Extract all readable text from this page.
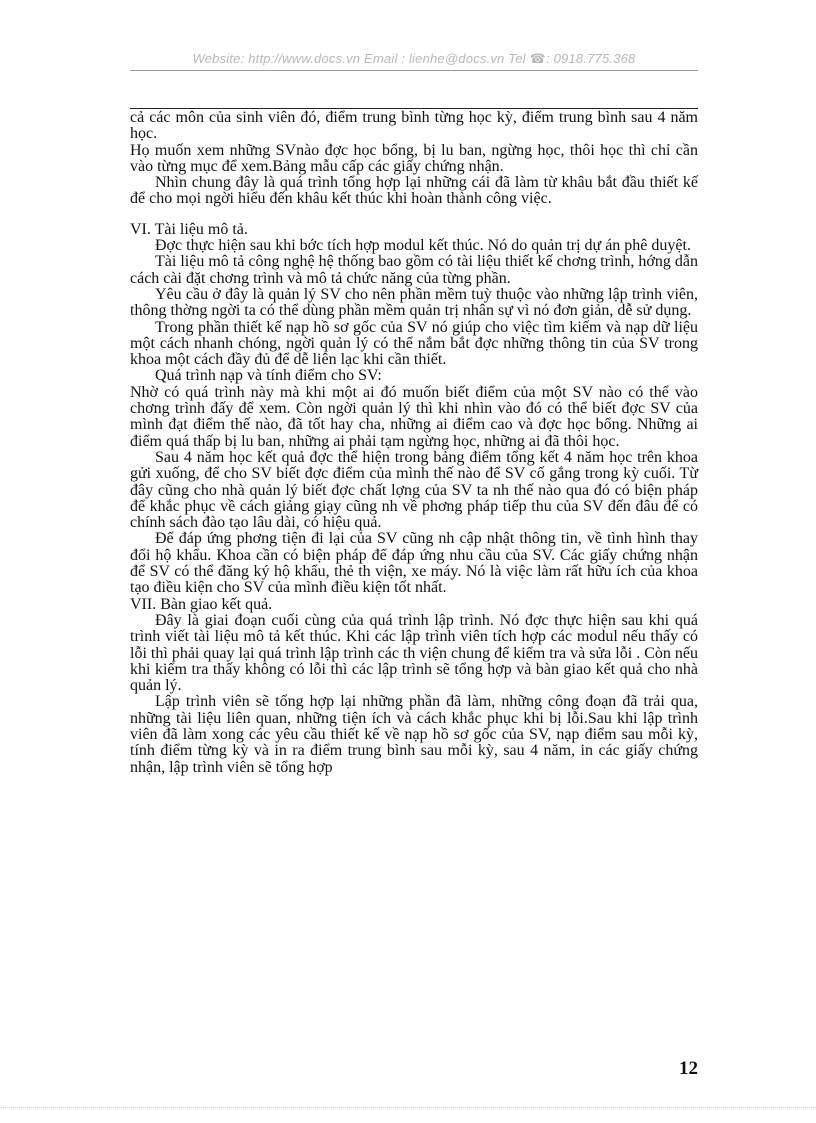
Website: http://www.docs.vn Email : lienhe@docs.vn Tel ☎: 0918.775.368

cả các môn của sinh viên đó, điểm trung bình từng học kỳ, điểm trung bình sau 4 năm học.

Họ muốn xem những SVnào đợc học bổng, bị lu ban, ngừng học, thôi học thì chỉ cần vào từng mục để xem.Bảng mẫu cấp các giấy chứng nhận.

Nhìn chung đây là quá trình tổng hợp lại những cái đã làm từ khâu bắt đầu thiết kế để cho mọi ngời hiểu đến khâu kết thúc khi hoàn thành công việc.

VI. Tài liệu mô tả.

Đợc thực hiện sau khi bớc tích hợp modul kết thúc. Nó do quản trị dự án phê duyệt.

Tài liệu mô tả công nghệ hệ thống bao gồm có tài liệu thiết kế chơng trình, hớng dẫn cách cài đặt chơng trình và mô tả chức năng của từng phần.

Yêu cầu ở đây là quản lý SV cho nên phần mềm tuỳ thuộc vào những lập trình viên, thông thờng ngời ta có thể dùng phần mềm quản trị nhân sự vì nó đơn giản, dễ sử dụng.

Trong phần thiết kế nạp hồ sơ gốc của SV nó giúp cho việc tìm kiếm và nạp dữ liệu một cách nhanh chóng, ngời quản lý có thể nắm bắt đợc những thông tin của SV trong khoa một cách đầy đủ để dễ liên lạc khi cần thiết.

Quá trình nạp và tính điểm cho SV:

Nhờ có quá trình này mà khi một ai đó muốn biết điểm của một SV nào có thể vào chơng trình đấy để xem. Còn ngời quản lý thì khi nhìn vào đó có thể biết đợc SV của mình đạt điểm thế nào, đã tốt hay cha, những ai điểm cao và đợc học bổng. Những ai điểm quá thấp bị lu ban, những ai phải tạm ngừng học, những ai đã thôi học.

Sau 4 năm học kết quả đợc thể hiện trong bảng điểm tổng kết 4 năm học trên khoa gửi xuống, để cho SV biết đợc điểm của mình thế nào để SV cố gắng trong kỳ cuối. Từ đây cũng cho nhà quản lý biết đợc chất lợng của SV ta nh thế nào qua đó có biện pháp để khắc phục về cách giảng giạy cũng nh về phơng pháp tiếp thu của SV đến đâu để có chính sách đào tạo lâu dài, có hiệu quả.

Để đáp ứng phơng tiện đi lại của SV cũng nh cập nhật thông tin, về tình hình thay đổi hộ khẩu. Khoa cần có biện pháp để đáp ứng nhu cầu của SV. Các giấy chứng nhận để SV có thể đăng ký hộ khẩu, thẻ th viện, xe máy. Nó là việc làm rất hữu ích của khoa tạo điều kiện cho SV của mình điều kiện tốt nhất.

VII. Bàn giao kết quả.

Đây là giai đoạn cuối cùng của quá trình lập trình. Nó đợc thực hiện sau khi quá trình viết tài liệu mô tả kết thúc. Khi các lập trình viên tích hợp các modul nếu thấy có lỗi thì phải quay lại quá trình lập trình các th viện chung để kiểm tra và sửa lỗi . Còn nếu khi kiểm tra thấy không có lỗi thì các lập trình sẽ tổng hợp và bàn giao kết quả cho nhà quản lý.

Lập trình viên sẽ tổng hợp lại những phần đã làm, những công đoạn đã trải qua, những tài liệu liên quan, những tiện ích và cách khắc phục khi bị lỗi.Sau khi lập trình viên đã làm xong các yêu cầu thiết kế về nạp hồ sơ gốc của SV, nạp điểm sau mỗi kỳ, tính điểm từng kỳ và in ra điểm trung bình sau mỗi kỳ, sau 4 năm, in các giấy chứng nhận, lập trình viên sẽ tổng hợp

12
